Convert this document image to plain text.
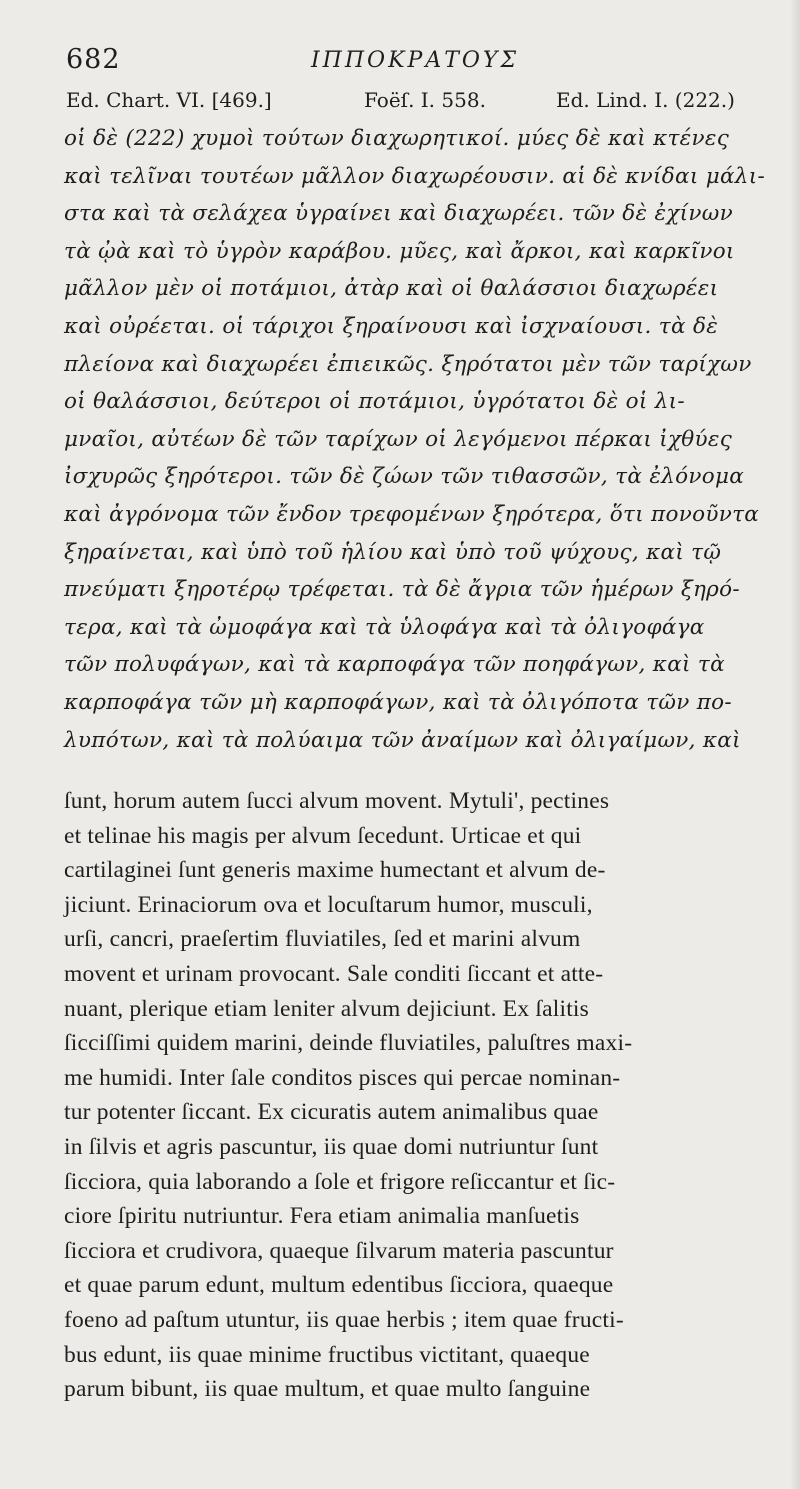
682	ΙΠΠΟΚΡΑΤΟΥΣ
Ed. Chart. VI. [469.]	Foëſ. I. 558.	Ed. Lind. I. (222.)
οἱ δὲ (222) χυμοὶ τούτων διαχωρητικοί. μύες δὲ καὶ κτένες
καὶ τελῖναι τουτέων μᾶλλον διαχωρέουσιν. αἱ δὲ κνίδαι μάλι-
στα καὶ τὰ σελάχεα ὑγραίνει καὶ διαχωρέει. τῶν δὲ ἐχίνων
τὰ ᾠὰ καὶ τὸ ὑγρὸν καράβου. μῦες, καὶ ἄρκοι, καὶ καρκῖνοι
μᾶλλον μὲν οἱ ποτάμιοι, ἀτὰρ καὶ οἱ θαλάσσιοι διαχωρέει
καὶ οὐρέεται. οἱ τάριχοι ξηραίνουσι καὶ ἰσχναίουσι. τὰ δὲ
πλείονα καὶ διαχωρέει ἐπιεικῶς. ξηρότατοι μὲν τῶν ταρίχων
οἱ θαλάσσιοι, δεύτεροι οἱ ποτάμιοι, ὑγρότατοι δὲ οἱ λι-
μναῖοι, αὐτέων δὲ τῶν ταρίχων οἱ λεγόμενοι πέρκαι ἰχθύες
ἰσχυρῶς ξηρότεροι. τῶν δὲ ζώων τῶν τιθασσῶν, τὰ ἐλόνομα
καὶ ἀγρόνομα τῶν ἔνδον τρεφομένων ξηρότερα, ὅτι πονοῦντα
ξηραίνεται, καὶ ὑπὸ τοῦ ἡλίου καὶ ὑπὸ τοῦ ψύχους, καὶ τῷ
πνεύματι ξηροτέρῳ τρέφεται. τὰ δὲ ἄγρια τῶν ἡμέρων ξηρό-
τερα, καὶ τὰ ὠμοφάγα καὶ τὰ ὑλοφάγα καὶ τὰ ὀλιγοφάγα
τῶν πολυφάγων, καὶ τὰ καρποφάγα τῶν ποηφάγων, καὶ τὰ
καρποφάγα τῶν μὴ καρποφάγων, καὶ τὰ ὀλιγόποτα τῶν πο-
λυπότων, καὶ τὰ πολύαιμα τῶν ἀναίμων καὶ ὀλιγαίμων, καὶ
ſunt, horum autem ſucci alvum movent. Mytuli', pectines
et telinae his magis per alvum ſecedunt. Urticae et qui
cartilaginei ſunt generis maxime humectant et alvum de-
jiciunt. Erinaciorum ova et locuſtarum humor, musculi,
urſi, cancri, praeſertim fluviatiles, ſed et marini alvum
movent et urinam provocant. Sale conditi ſiccant et atte-
nuant, plerique etiam leniter alvum dejiciunt. Ex ſalitis
ſicciſſimi quidem marini, deinde fluviatiles, paluſtres maxi-
me humidi. Inter ſale conditos pisces qui percae nominan-
tur potenter ſiccant. Ex cicuratis autem animalibus quae
in ſilvis et agris pascuntur, iis quae domi nutriuntur ſunt
ſicciora, quia laborando a ſole et frigore reſiccantur et ſic-
ciore ſpiritu nutriuntur. Fera etiam animalia manſuetis
ſicciora et crudivora, quaeque ſilvarum materia pascuntur
et quae parum edunt, multum edentibus ſicciora, quaeque
foeno ad paſtum utuntur, iis quae herbis ; item quae fructi-
bus edunt, iis quae minime fructibus victitant, quaeque
parum bibunt, iis quae multum, et quae multo ſanguine
